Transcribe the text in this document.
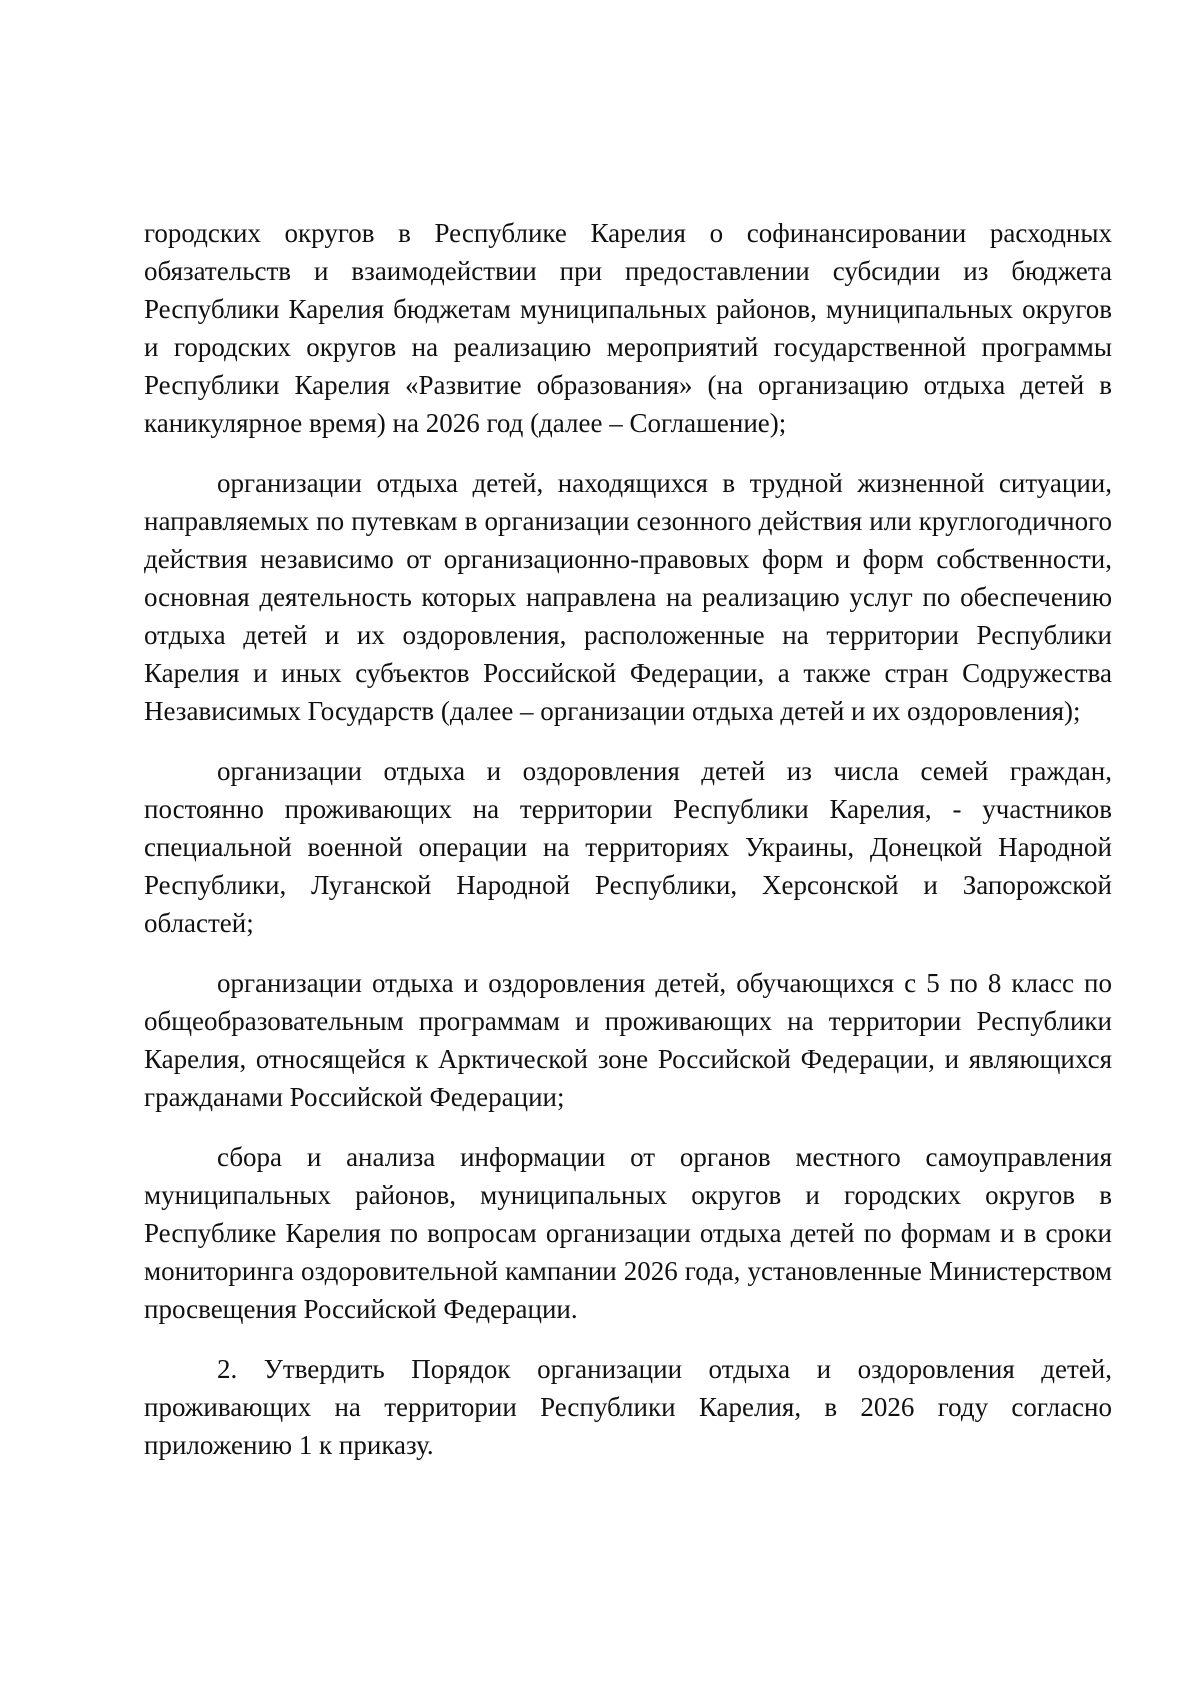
городских округов в Республике Карелия о софинансировании расходных обязательств и взаимодействии при предоставлении субсидии из бюджета Республики Карелия бюджетам муниципальных районов, муниципальных округов и городских округов на реализацию мероприятий государственной программы Республики Карелия «Развитие образования» (на организацию отдыха детей в каникулярное время) на 2026 год (далее – Соглашение);

организации отдыха детей, находящихся в трудной жизненной ситуации, направляемых по путевкам в организации сезонного действия или круглогодичного действия независимо от организационно-правовых форм и форм собственности, основная деятельность которых направлена на реализацию услуг по обеспечению отдыха детей и их оздоровления, расположенные на территории Республики Карелия и иных субъектов Российской Федерации, а также стран Содружества Независимых Государств (далее – организации отдыха детей и их оздоровления);

организации отдыха и оздоровления детей из числа семей граждан, постоянно проживающих на территории Республики Карелия, - участников специальной военной операции на территориях Украины, Донецкой Народной Республики, Луганской Народной Республики, Херсонской и Запорожской областей;

организации отдыха и оздоровления детей, обучающихся с 5 по 8 класс по общеобразовательным программам и проживающих на территории Республики Карелия, относящейся к Арктической зоне Российской Федерации, и являющихся гражданами Российской Федерации;

сбора и анализа информации от органов местного самоуправления муниципальных районов, муниципальных округов и городских округов в Республике Карелия по вопросам организации отдыха детей по формам и в сроки мониторинга оздоровительной кампании 2026 года, установленные Министерством просвещения Российской Федерации.

2. Утвердить Порядок организации отдыха и оздоровления детей, проживающих на территории Республики Карелия, в 2026 году согласно приложению 1 к приказу.
